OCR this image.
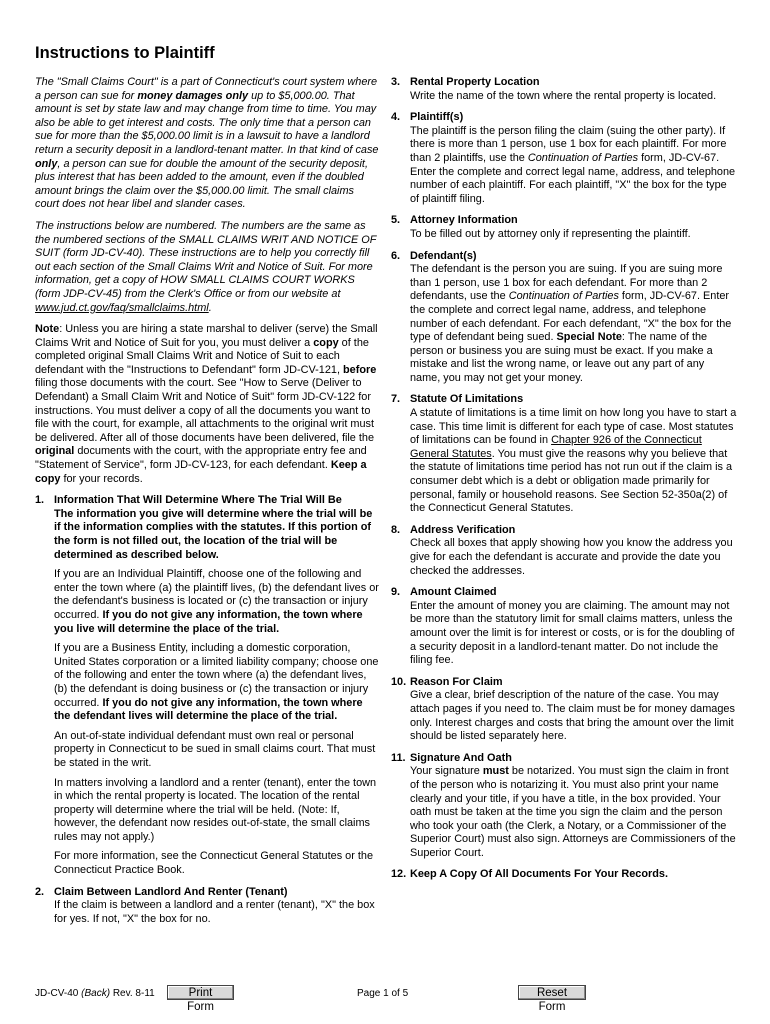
Instructions to Plaintiff

The "Small Claims Court" is a part of Connecticut's court system where a person can sue for money damages only up to $5,000.00. That amount is set by state law and may change from time to time. You may also be able to get interest and costs. The only time that a person can sue for more than the $5,000.00 limit is in a lawsuit to have a landlord return a security deposit in a landlord-tenant matter. In that kind of case only, a person can sue for double the amount of the security deposit, plus interest that has been added to the amount, even if the doubled amount brings the claim over the $5,000.00 limit. The small claims court does not hear libel and slander cases.

The instructions below are numbered. The numbers are the same as the numbered sections of the SMALL CLAIMS WRIT AND NOTICE OF SUIT (form JD-CV-40). These instructions are to help you correctly fill out each section of the Small Claims Writ and Notice of Suit. For more information, get a copy of HOW SMALL CLAIMS COURT WORKS (form JDP-CV-45) from the Clerk's Office or from our website at www.jud.ct.gov/faq/smallclaims.html.

Note: Unless you are hiring a state marshal to deliver (serve) the Small Claims Writ and Notice of Suit for you, you must deliver a copy of the completed original Small Claims Writ and Notice of Suit to each defendant with the "Instructions to Defendant" form JD-CV-121, before filing those documents with the court. See "How to Serve (Deliver to Defendant) a Small Claim Writ and Notice of Suit" form JD-CV-122 for instructions. You must deliver a copy of all the documents you want to file with the court, for example, all attachments to the original writ must be delivered. After all of those documents have been delivered, file the original documents with the court, with the appropriate entry fee and "Statement of Service", form JD-CV-123, for each defendant. Keep a copy for your records.

1. Information That Will Determine Where The Trial Will Be
The information you give will determine where the trial will be if the information complies with the statutes. If this portion of the form is not filled out, the location of the trial will be determined as described below.

If you are an Individual Plaintiff, choose one of the following and enter the town where (a) the plaintiff lives, (b) the defendant lives or the defendant's business is located or (c) the transaction or injury occurred. If you do not give any information, the town where you live will determine the place of the trial.

If you are a Business Entity, including a domestic corporation, United States corporation or a limited liability company; choose one of the following and enter the town where (a) the defendant lives, (b) the defendant is doing business or (c) the transaction or injury occurred. If you do not give any information, the town where the defendant lives will determine the place of the trial.

An out-of-state individual defendant must own real or personal property in Connecticut to be sued in small claims court. That must be stated in the writ.

In matters involving a landlord and a renter (tenant), enter the town in which the rental property is located. The location of the rental property will determine where the trial will be held. (Note: If, however, the defendant now resides out-of-state, the small claims rules may not apply.)

For more information, see the Connecticut General Statutes or the Connecticut Practice Book.

2. Claim Between Landlord And Renter (Tenant)
If the claim is between a landlord and a renter (tenant), "X" the box for yes. If not, "X" the box for no.
3. Rental Property Location
Write the name of the town where the rental property is located.
4. Plaintiff(s)
The plaintiff is the person filing the claim (suing the other party). If there is more than 1 person, use 1 box for each plaintiff. For more than 2 plaintiffs, use the Continuation of Parties form, JD-CV-67. Enter the complete and correct legal name, address, and telephone number of each plaintiff. For each plaintiff, "X" the box for the type of plaintiff filing.
5. Attorney Information
To be filled out by attorney only if representing the plaintiff.
6. Defendant(s)
The defendant is the person you are suing. If you are suing more than 1 person, use 1 box for each defendant. For more than 2 defendants, use the Continuation of Parties form, JD-CV-67. Enter the complete and correct legal name, address, and telephone number of each defendant. For each defendant, "X" the box for the type of defendant being sued. Special Note: The name of the person or business you are suing must be exact. If you make a mistake and list the wrong name, or leave out any part of any name, you may not get your money.
7. Statute Of Limitations
A statute of limitations is a time limit on how long you have to start a case. This time limit is different for each type of case. Most statutes of limitations can be found in Chapter 926 of the Connecticut General Statutes. You must give the reasons why you believe that the statute of limitations time period has not run out if the claim is a consumer debt which is a debt or obligation made primarily for personal, family or household reasons. See Section 52-350a(2) of the Connecticut General Statutes.
8. Address Verification
Check all boxes that apply showing how you know the address you give for each the defendant is accurate and provide the date you checked the addresses.
9. Amount Claimed
Enter the amount of money you are claiming. The amount may not be more than the statutory limit for small claims matters, unless the amount over the limit is for interest or costs, or is for the doubling of a security deposit in a landlord-tenant matter. Do not include the filing fee.
10. Reason For Claim
Give a clear, brief description of the nature of the case. You may attach pages if you need to. The claim must be for money damages only. Interest charges and costs that bring the amount over the limit should be listed separately here.
11. Signature And Oath
Your signature must be notarized. You must sign the claim in front of the person who is notarizing it. You must also print your name clearly and your title, if you have a title, in the box provided. Your oath must be taken at the time you sign the claim and the person who took your oath (the Clerk, a Notary, or a Commissioner of the Superior Court) must also sign. Attorneys are Commissioners of the Superior Court.
12. Keep A Copy Of All Documents For Your Records.
JD-CV-40 (Back) Rev. 8-11	Print Form
Page 1 of 5	Reset Form
